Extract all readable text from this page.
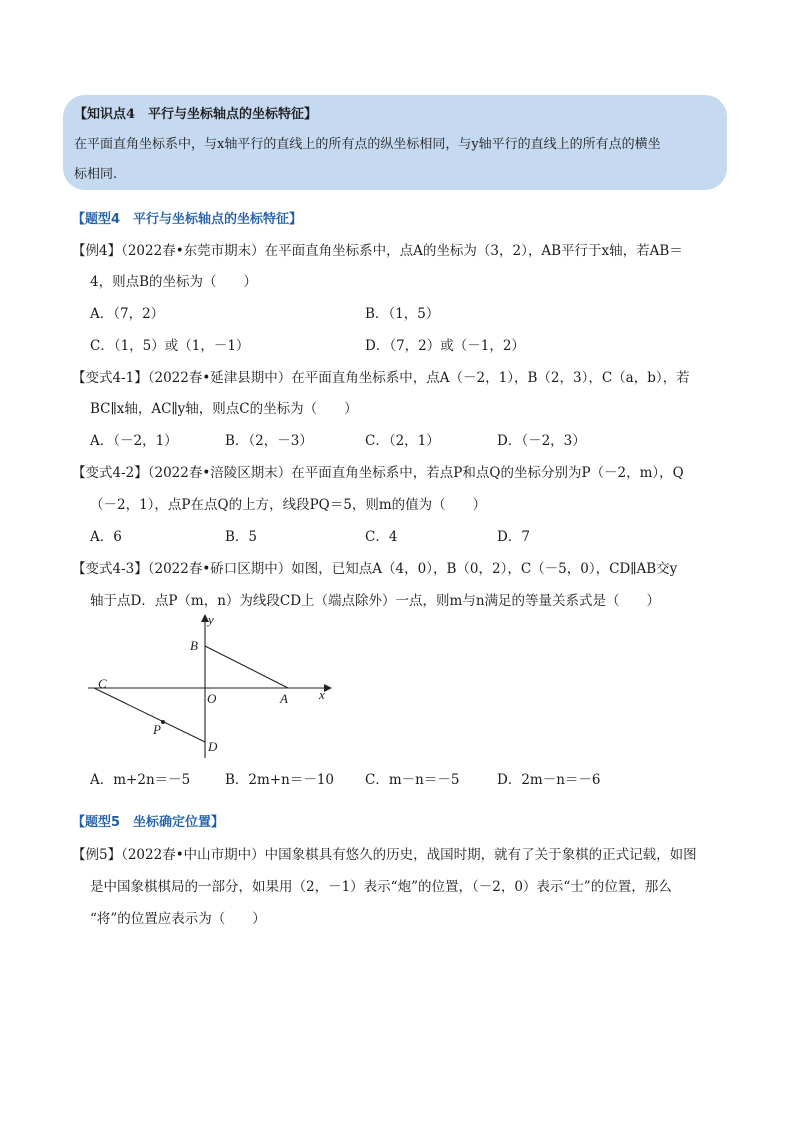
【知识点4　平行与坐标轴点的坐标特征】
在平面直角坐标系中，与x轴平行的直线上的所有点的纵坐标相同，与y轴平行的直线上的所有点的横坐
标相同.
【题型4　平行与坐标轴点的坐标特征】
【例4】（2022春•东莞市期末）在平面直角坐标系中，点A的坐标为（3，2），AB平行于x轴，若AB＝
4，则点B的坐标为（　　）
A．（7，2）	B．（1，5）
C．（1，5）或（1，－1）	D．（7，2）或（－1，2）
【变式4-1】（2022春•延津县期中）在平面直角坐标系中，点A（－2，1），B（2，3），C（a，b），若
BC∥x轴，AC∥y轴，则点C的坐标为（　　）
A．（－2，1）	B．（2，－3）	C．（2，1）	D．（－2，3）
【变式4-2】（2022春•涪陵区期末）在平面直角坐标系中，若点P和点Q的坐标分别为P（－2，m），Q
（－2，1），点P在点Q的上方，线段PQ＝5，则m的值为（　　）
A．6	B．5	C．4	D．7
【变式4-3】（2022春•硚口区期中）如图，已知点A（4，0），B（0，2），C（－5，0），CD∥AB交y
轴于点D．点P（m，n）为线段CD上（端点除外）一点，则m与n满足的等量关系式是（　　）
y
B
C
O	A x
P
D
A．m+2n＝－5	B．2m+n＝－10 C．m－n＝－5	D．2m－n＝－6
【题型5　坐标确定位置】
【例5】（2022春•中山市期中）中国象棋具有悠久的历史，战国时期，就有了关于象棋的正式记载，如图
是中国象棋棋局的一部分，如果用（2，－1）表示“炮”的位置，（－2，0）表示“士”的位置，那么
“将”的位置应表示为（　　）
